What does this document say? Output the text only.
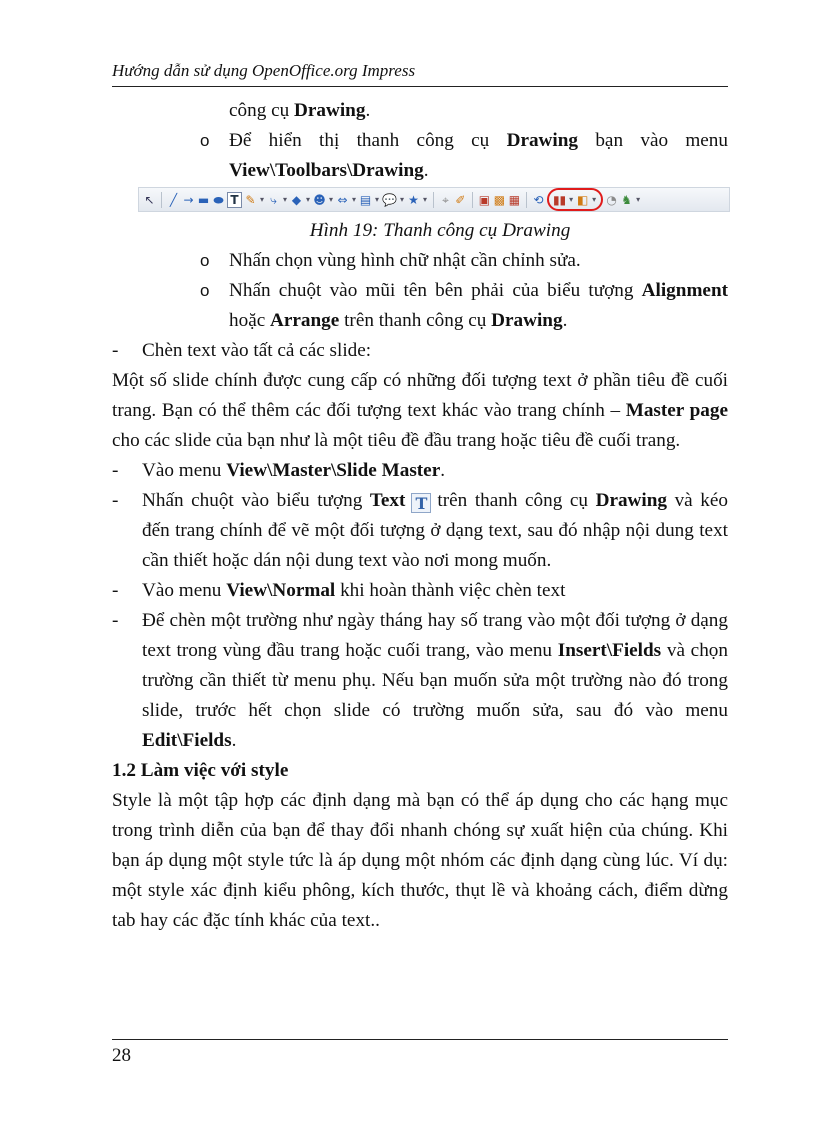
Hướng dẫn sử dụng OpenOffice.org Impress

công cụ Drawing.

o Để hiển thị thanh công cụ Drawing bạn vào menu View\Toolbars\Drawing.

↖ ╱ → ▬ ⬬ T ✎ ▾ ⤷ ▾ ◆ ▾ ☻ ▾ ⇔ ▾ ▤ ▾ 💬 ▾ ★ ▾ ⌖ ✐ ▣ ▩ ▦ ⟲ ▮▮ ▾ ◧ ▾ ◔ ♞ ▾

Hình 19: Thanh công cụ Drawing

o Nhấn chọn vùng hình chữ nhật cần chỉnh sửa.

o Nhấn chuột vào mũi tên bên phải của biểu tượng Alignment hoặc Arrange trên thanh công cụ Drawing.

- Chèn text vào tất cả các slide:

Một số slide chính được cung cấp có những đối tượng text ở phần tiêu đề cuối trang. Bạn có thể thêm các đối tượng text khác vào trang chính – Master page cho các slide của bạn như là một tiêu đề đầu trang hoặc tiêu đề cuối trang.

- Vào menu View\Master\Slide Master.

- Nhấn chuột vào biểu tượng Text T trên thanh công cụ Drawing và kéo đến trang chính để vẽ một đối tượng ở dạng text, sau đó nhập nội dung text cần thiết hoặc dán nội dung text vào nơi mong muốn.

- Vào menu View\Normal khi hoàn thành việc chèn text

- Để chèn một trường như ngày tháng hay số trang vào một đối tượng ở dạng text trong vùng đầu trang hoặc cuối trang, vào menu Insert\Fields và chọn trường cần thiết từ menu phụ. Nếu bạn muốn sửa một trường nào đó trong slide, trước hết chọn slide có trường muốn sửa, sau đó vào menu Edit\Fields.

1.2 Làm việc với style

Style là một tập hợp các định dạng mà bạn có thể áp dụng cho các hạng mục trong trình diễn của bạn để thay đổi nhanh chóng sự xuất hiện của chúng. Khi bạn áp dụng một style tức là áp dụng một nhóm các định dạng cùng lúc. Ví dụ: một style xác định kiểu phông, kích thước, thụt lề và khoảng cách, điểm dừng tab hay các đặc tính khác của text..

28
